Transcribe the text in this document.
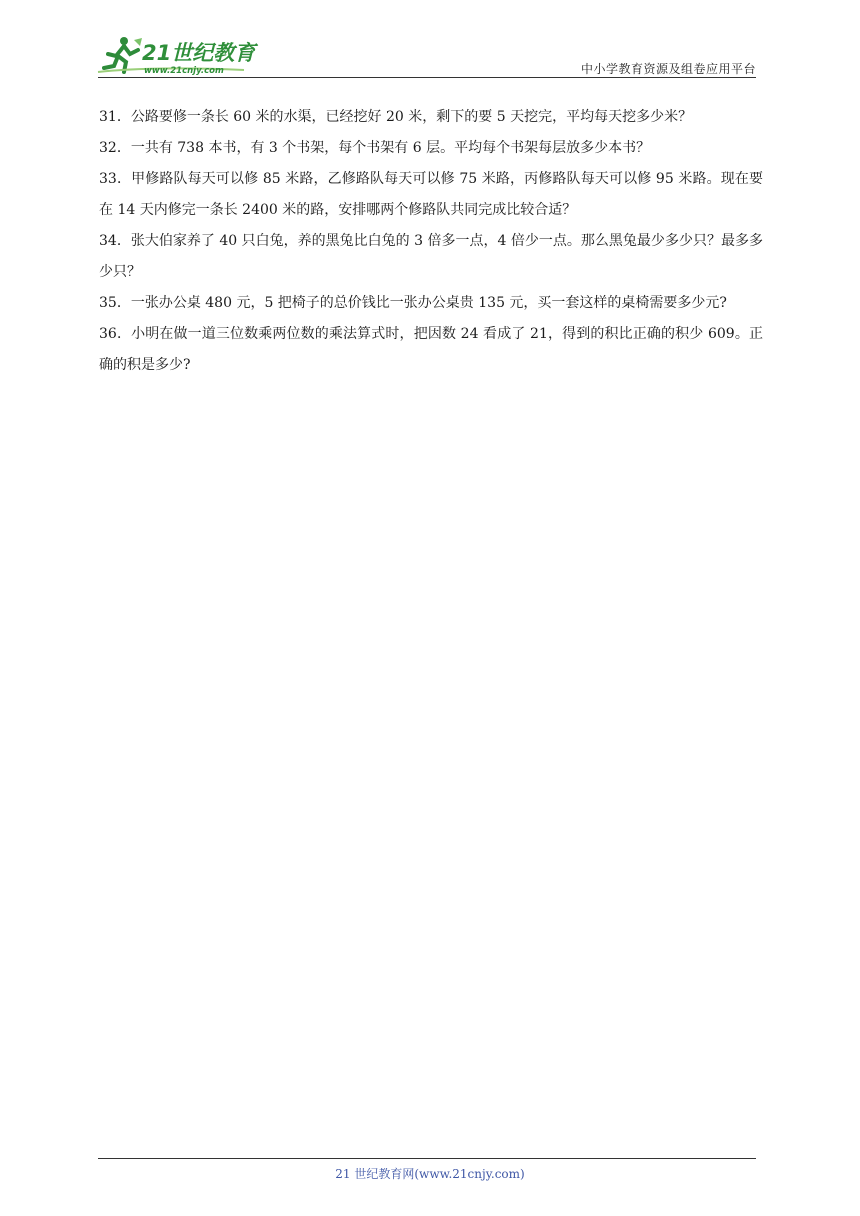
21世纪教育
www.21cnjy.com	中小学教育资源及组卷应用平台

31．公路要修一条长 60 米的水渠，已经挖好 20 米，剩下的要 5 天挖完，平均每天挖多少米？

32．一共有 738 本书，有 3 个书架，每个书架有 6 层。平均每个书架每层放多少本书？

33．甲修路队每天可以修 85 米路，乙修路队每天可以修 75 米路，丙修路队每天可以修 95 米路。现在要在 14 天内修完一条长 2400 米的路，安排哪两个修路队共同完成比较合适？

34．张大伯家养了 40 只白兔，养的黑兔比白兔的 3 倍多一点，4 倍少一点。那么黑兔最少多少只？最多多少只？

35．一张办公桌 480 元，5 把椅子的总价钱比一张办公桌贵 135 元，买一套这样的桌椅需要多少元?

36．小明在做一道三位数乘两位数的乘法算式时，把因数 24 看成了 21，得到的积比正确的积少 609。正确的积是多少?

21 世纪教育网(www.21cnjy.com)
